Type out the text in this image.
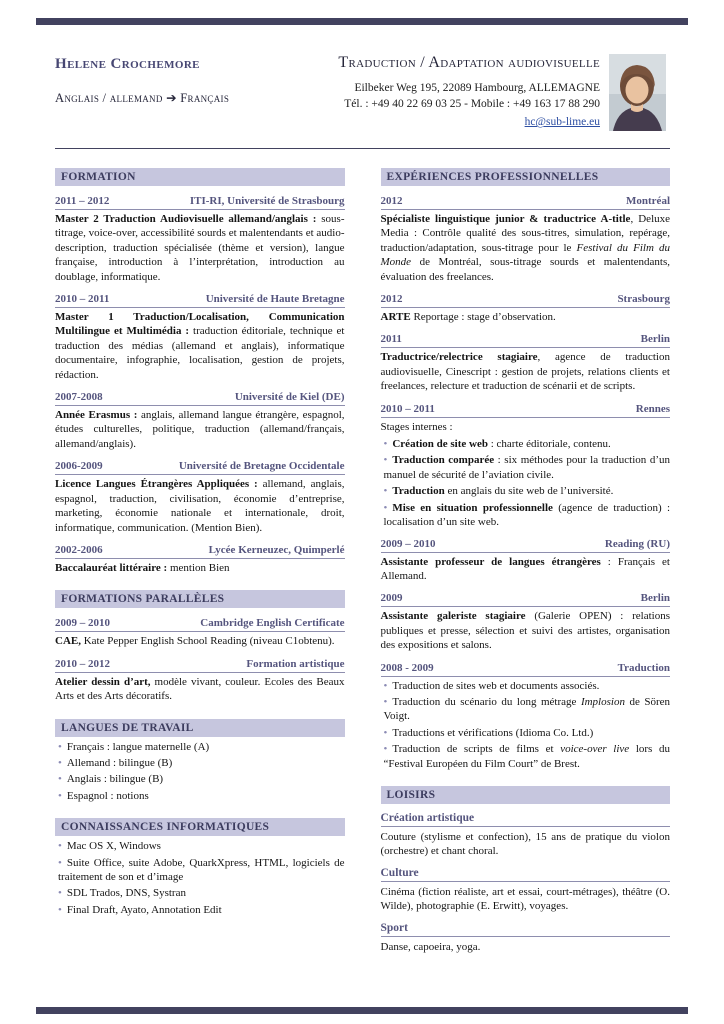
Helene Crochemore
Anglais / allemand ➔ Français
Traduction / Adaptation audiovisuelle
Eilbeker Weg 195, 22089 Hambourg, ALLEMAGNE
Tél. : +49 40 22 69 03 25 - Mobile : +49 163 17 88 290
hc@sub-lime.eu
FORMATION
2011 – 2012	ITI-RI, Université de Strasbourg
Master 2 Traduction Audiovisuelle allemand/anglais : sous-titrage, voice-over, accessibilité sourds et malentendants et audio-description, traduction spécialisée (thème et version), langue française, introduction à l’interprétation, introduction au doublage, informatique.
2010 – 2011	Université de Haute Bretagne
Master 1 Traduction/Localisation, Communication Multilingue et Multimédia : traduction éditoriale, technique et traduction des médias (allemand et anglais), informatique documentaire, infographie, localisation, gestion de projets, rédaction.
2007-2008	Université de Kiel (DE)
Année Erasmus : anglais, allemand langue étrangère, espagnol, études culturelles, politique, traduction (allemand/français, allemand/anglais).
2006-2009	Université de Bretagne Occidentale
Licence Langues Étrangères Appliquées : allemand, anglais, espagnol, traduction, civilisation, économie d’entreprise, marketing, économie nationale et internationale, droit, informatique, communication. (Mention Bien).
2002-2006	Lycée Kerneuzec, Quimperlé
Baccalauréat littéraire : mention Bien
FORMATIONS PARALLÈLES
2009 – 2010	Cambridge English Certificate
CAE, Kate Pepper English School Reading (niveau C1obtenu).
2010 – 2012	Formation artistique
Atelier dessin d’art, modèle vivant, couleur. Ecoles des Beaux Arts et des Arts décoratifs.
LANGUES DE TRAVAIL
• Français : langue maternelle (A)
• Allemand : bilingue (B)
• Anglais : bilingue (B)
• Espagnol : notions
CONNAISSANCES INFORMATIQUES
• Mac OS X, Windows
• Suite Office, suite Adobe, QuarkXpress, HTML, logiciels de traitement de son et d’image
• SDL Trados, DNS, Systran
• Final Draft, Ayato, Annotation Edit
EXPÉRIENCES PROFESSIONNELLES
2012	Montréal
Spécialiste linguistique junior & traductrice A-title, Deluxe Media : Contrôle qualité des sous-titres, simulation, repérage, traduction/adaptation, sous-titrage pour le Festival du Film du Monde de Montréal, sous-titrage sourds et malentendants, évaluation des freelances.
2012	Strasbourg
ARTE Reportage : stage d’observation.
2011	Berlin
Traductrice/relectrice stagiaire, agence de traduction audiovisuelle, Cinescript : gestion de projets, relations clients et freelances, relecture et traduction de scénarii et de scripts.
2010 – 2011	Rennes
Stages internes :
• Création de site web : charte éditoriale, contenu.
• Traduction comparée : six méthodes pour la traduction d’un manuel de sécurité de l’aviation civile.
• Traduction en anglais du site web de l’université.
• Mise en situation professionnelle (agence de traduction) : localisation d’un site web.
2009 – 2010	Reading (RU)
Assistante professeur de langues étrangères : Français et Allemand.
2009	Berlin
Assistante galeriste stagiaire (Galerie OPEN) : relations publiques et presse, sélection et suivi des artistes, organisation des expositions et salons.
2008 - 2009	Traduction
• Traduction de sites web et documents associés.
• Traduction du scénario du long métrage Implosion de Sören Voigt.
• Traductions et vérifications (Idioma Co. Ltd.)
• Traduction de scripts de films et voice-over live lors du “Festival Européen du Film Court” de Brest.
LOISIRS
Création artistique
Couture (stylisme et confection), 15 ans de pratique du violon (orchestre) et chant choral.
Culture
Cinéma (fiction réaliste, art et essai, court-métrages), théâtre (O. Wilde), photographie (E. Erwitt), voyages.
Sport
Danse, capoeira, yoga.
